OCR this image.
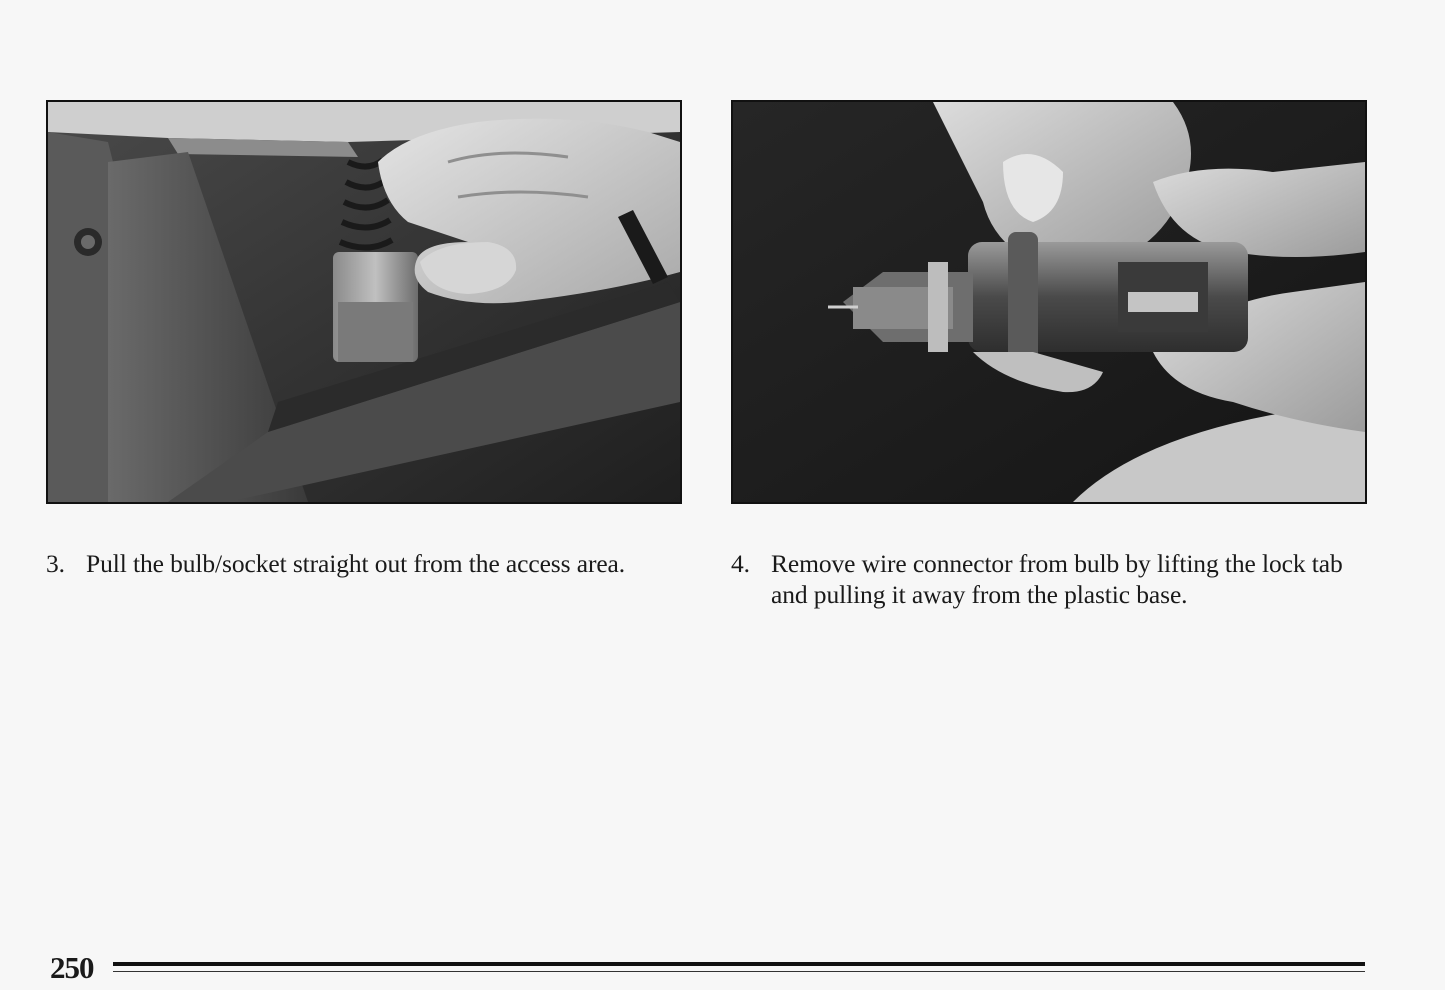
3. Pull the bulb/socket straight out from the access area.	4. Remove wire connector from bulb by lifting the lock tab and pulling it away from the plastic base.
250
